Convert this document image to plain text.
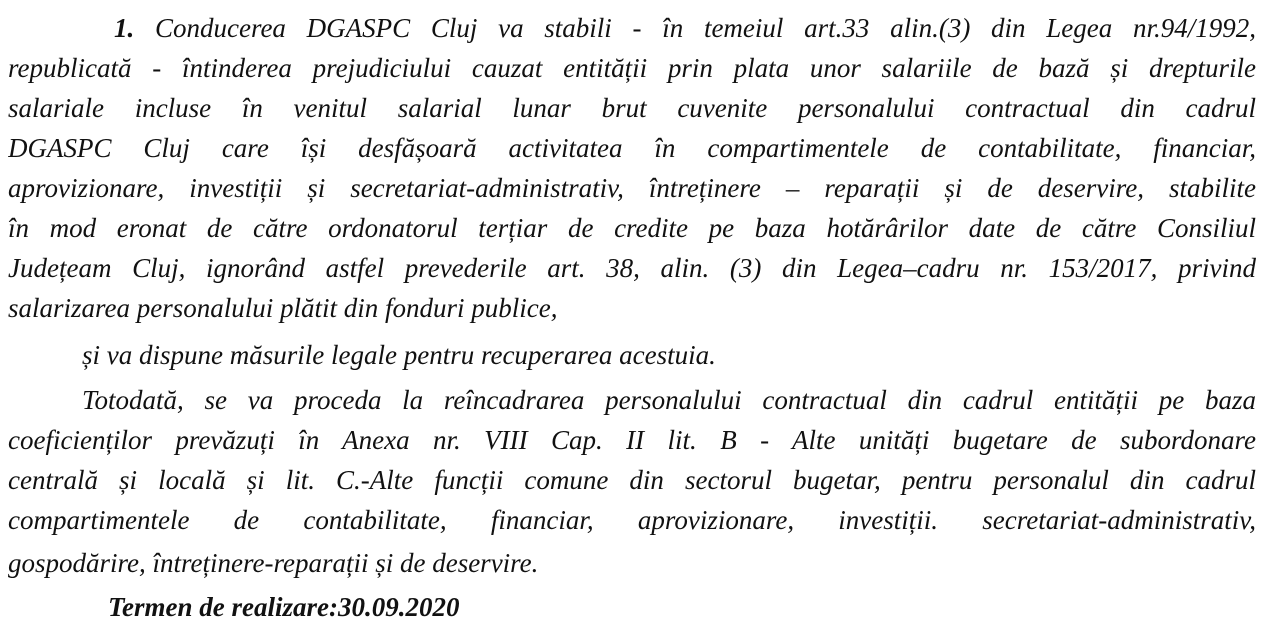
1. Conducerea DGASPC Cluj va stabili - în temeiul art.33 alin.(3) din Legea nr.94/1992,
republicată - întinderea prejudiciului cauzat entității prin plata unor salariile de bază și drepturile
salariale incluse în venitul salarial lunar brut cuvenite personalului contractual din cadrul
DGASPC Cluj care își desfășoară activitatea în compartimentele de contabilitate, financiar,
aprovizionare, investiții și secretariat-administrativ, întreținere – reparații și de deservire, stabilite
în mod eronat de către ordonatorul terțiar de credite pe baza hotărârilor date de către Consiliul
Județeam Cluj, ignorând astfel prevederile art. 38, alin. (3) din Legea–cadru nr. 153/2017, privind
salarizarea personalului plătit din fonduri publice,
și va dispune măsurile legale pentru recuperarea acestuia.
Totodată, se va proceda la reîncadrarea personalului contractual din cadrul entității pe baza
coeficienților prevăzuți în Anexa nr. VIII Cap. II lit. B - Alte unități bugetare de subordonare
centrală și locală și lit. C.-Alte funcții comune din sectorul bugetar, pentru personalul din cadrul
compartimentele de contabilitate, financiar, aprovizionare, investiții. secretariat-administrativ,
gospodărire, întreținere-reparații și de deservire.
Termen de realizare:30.09.2020
